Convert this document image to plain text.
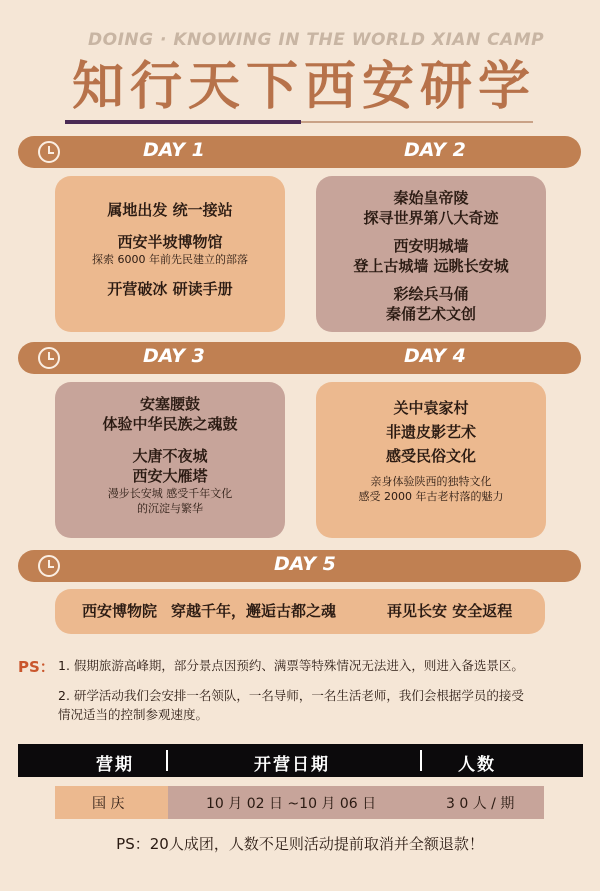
DOING · KNOWING IN THE WORLD XIAN CAMP
知行天下西安研学
DAY 1	DAY 2

属地出发 统一接站

西安半坡博物馆

探索 6000 年前先民建立的部落

开营破冰 研读手册

秦始皇帝陵

探寻世界第八大奇迹

西安明城墙

登上古城墙 远眺长安城

彩绘兵马俑

秦俑艺术文创

DAY 3	DAY 4

安塞腰鼓

体验中华民族之魂鼓

大唐不夜城

西安大雁塔

漫步长安城 感受千年文化

的沉淀与繁华

关中袁家村

非遗皮影艺术

感受民俗文化

亲身体验陕西的独特文化

感受 2000 年古老村落的魅力

DAY 5
西安博物院 穿越千年，邂逅古都之魂	再见长安 安全返程
PS： 1. 假期旅游高峰期，部分景点因预约、满票等特殊情况无法进入，则进入备选景区。
2. 研学活动我们会安排一名领队，一名导师，一名生活老师，我们会根据学员的接受
情况适当的控制参观速度。
营期	开营日期	人数
国 庆	10 月 02 日 ~10 月 06 日	3 0 人 / 期
PS：20人成团，人数不足则活动提前取消并全额退款！
